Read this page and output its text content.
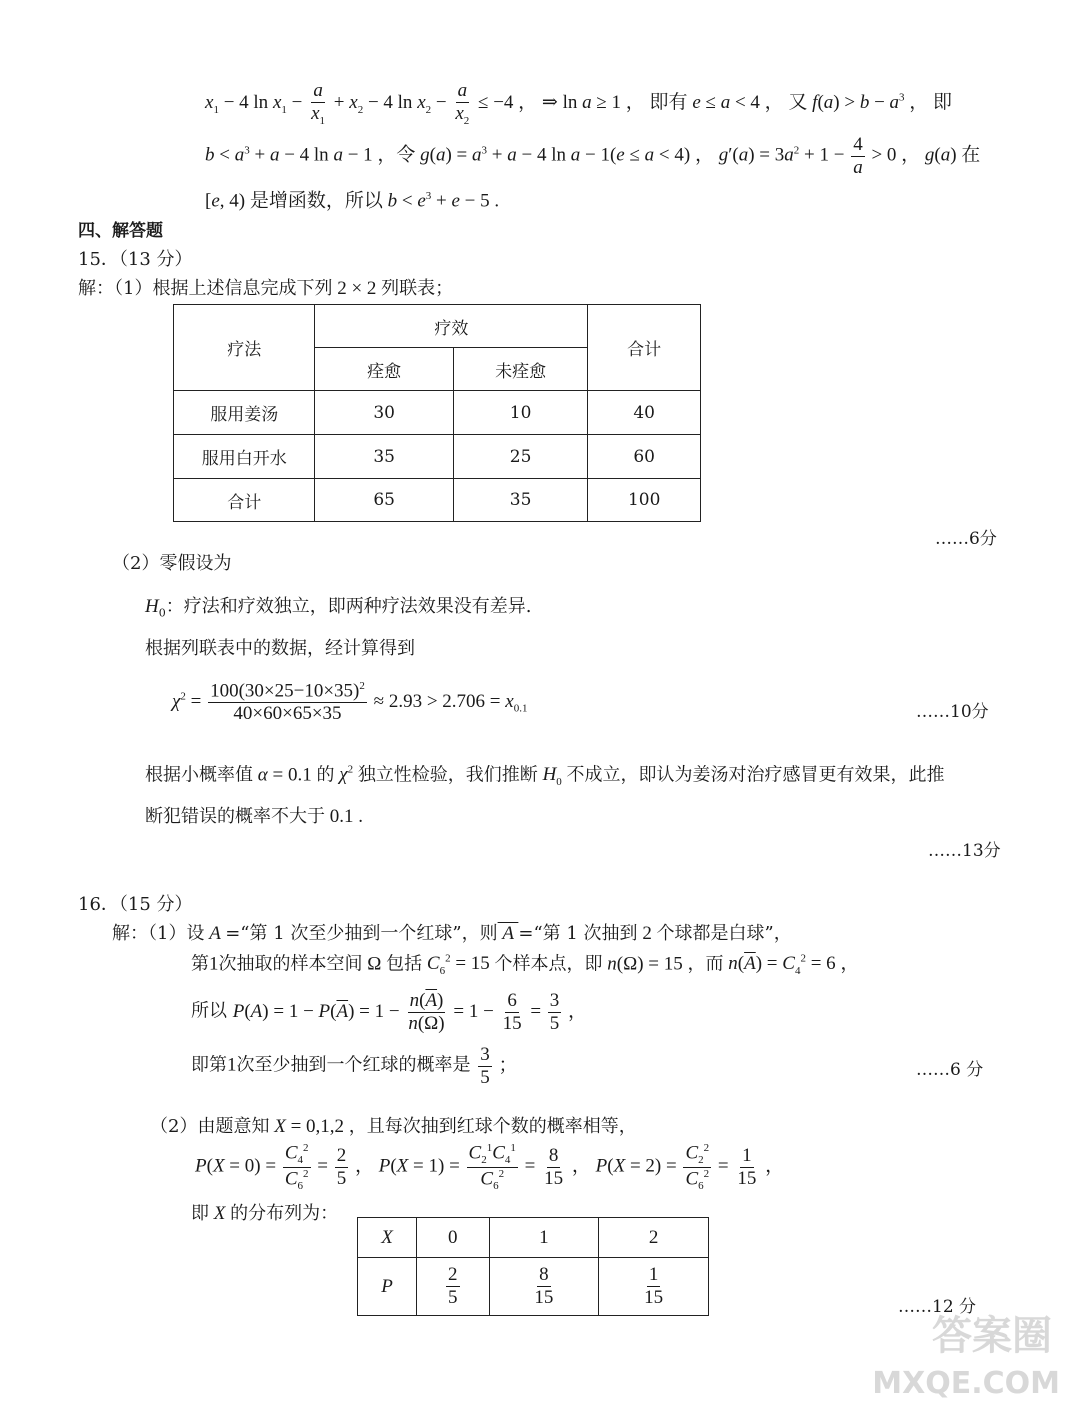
$x_1 - 4$ $\ln x_1 - \frac{a}{x_1} + x_2 - 4$ $\ln x_2 - \frac{a}{x_2} \le -4$ ， ⇒ ln a ≥ 1 ， 即有 e ≤ a < 4 ， 又 $f(a) > b - a^3$ ， 即
$b < a^3 + a - 4$ ln a − 1 ，令 $g(a) = a^3 + a - 4$ ln a − 1(e ≤ a < 4) ， $g'(a) = 3a^2 + 1 - \frac{4}{a} > 0$ ， g(a) 在
[e, 4) 是增函数，所以 $b < e^3 + e - 5$ .
四、解答题
15．（13 分）
解：（1）根据上述信息完成下列 2 × 2 列联表；
疗法	疗效		合计
	痊愈	未痊愈	
服用姜汤	30	10	40
服用白开水	35	25	60
合计	65	35	100
……6分
（2）零假设为
$H_0$：疗法和疗效独立，即两种疗法效果没有差异.
根据列联表中的数据，经计算得到
$\chi^2 = \frac{100(30\times 25-10\times 35)^2}{40\times 60\times 65\times 35} \approx 2.93 > 2.706 = x_{0.1}$	……10分
根据小概率值 α = 0.1 的 $\chi^2$ 独立性检验，我们推断 $H_0$ 不成立，即认为姜汤对治疗感冒更有效果，此推
断犯错误的概率不大于 0.1 .
……13分
16．（15 分）
解：（1）设 A =“第 1 次至少抽到一个红球”，则 A =“第 1 次抽到 2 个球都是白球”，
第1次抽取的样本空间 Ω 包括 $C_6^2 = 15$ 个样本点，即 n(Ω) = 15 ，而 $n(\overline{A}) = C_4^2 = 6$ ，
所以 $P(A) = 1 - P(\overline{A}) = 1 - \frac{n(\overline{A})}{n(\Omega)} = 1 - \frac{6}{15} = \frac{3}{5}$ ，
即第1次至少抽到一个红球的概率是 $\frac{3}{5}$ ；	……6 分
（2）由题意知 X = 0,1,2 ，且每次抽到红球个数的概率相等，
$P(X = 0) = \frac{C_4^2}{C_6^2} = \frac{2}{5}$ ， $P(X = 1) = \frac{C_2^1C_4^1}{C_6^2} = \frac{8}{15}$ ， $P(X = 2) = \frac{C_2^2}{C_6^2} = \frac{1}{15}$ ，
即 X 的分布列为：
X	0	1	2
P	$\frac{2}{5}$	$\frac{8}{15}$	$\frac{1}{15}$	……12 分
答案圈
MXQE.COM
